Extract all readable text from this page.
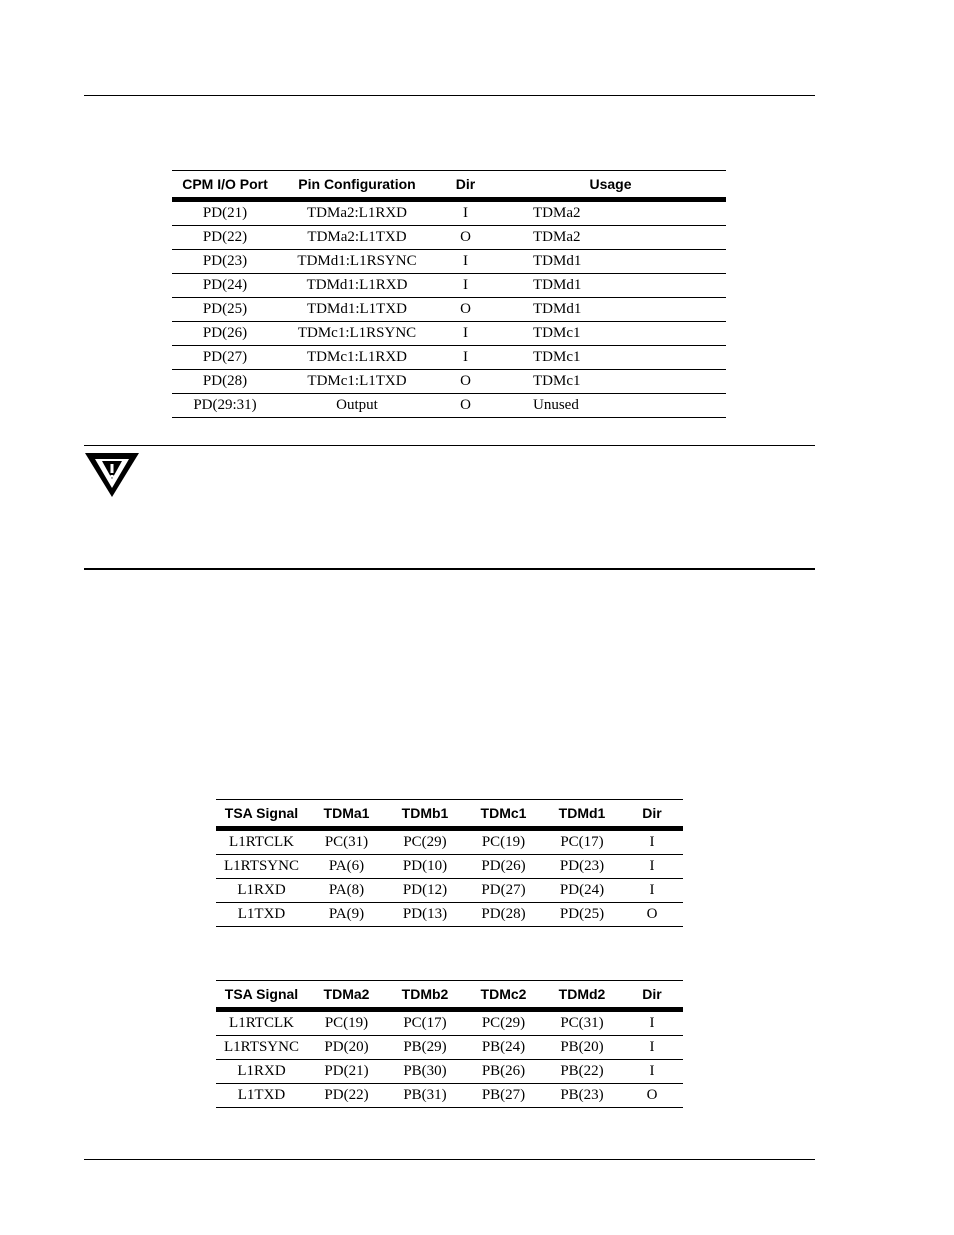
CPM I/O Port	Pin Configuration	Dir	Usage
PD(21)	TDMa2:L1RXD	I	TDMa2
PD(22)	TDMa2:L1TXD	O	TDMa2
PD(23)	TDMd1:L1RSYNC	I	TDMd1
PD(24)	TDMd1:L1RXD	I	TDMd1
PD(25)	TDMd1:L1TXD	O	TDMd1
PD(26)	TDMc1:L1RSYNC	I	TDMc1
PD(27)	TDMc1:L1RXD	I	TDMc1
PD(28)	TDMc1:L1TXD	O	TDMc1
PD(29:31)	Output	O	Unused
TSA Signal	TDMa1	TDMb1	TDMc1	TDMd1	Dir
L1RTCLK	PC(31)	PC(29)	PC(19)	PC(17)	I
L1RTSYNC	PA(6)	PD(10)	PD(26)	PD(23)	I
L1RXD	PA(8)	PD(12)	PD(27)	PD(24)	I
L1TXD	PA(9)	PD(13)	PD(28)	PD(25)	O
TSA Signal	TDMa2	TDMb2	TDMc2	TDMd2	Dir
L1RTCLK	PC(19)	PC(17)	PC(29)	PC(31)	I
L1RTSYNC	PD(20)	PB(29)	PB(24)	PB(20)	I
L1RXD	PD(21)	PB(30)	PB(26)	PB(22)	I
L1TXD	PD(22)	PB(31)	PB(27)	PB(23)	O
